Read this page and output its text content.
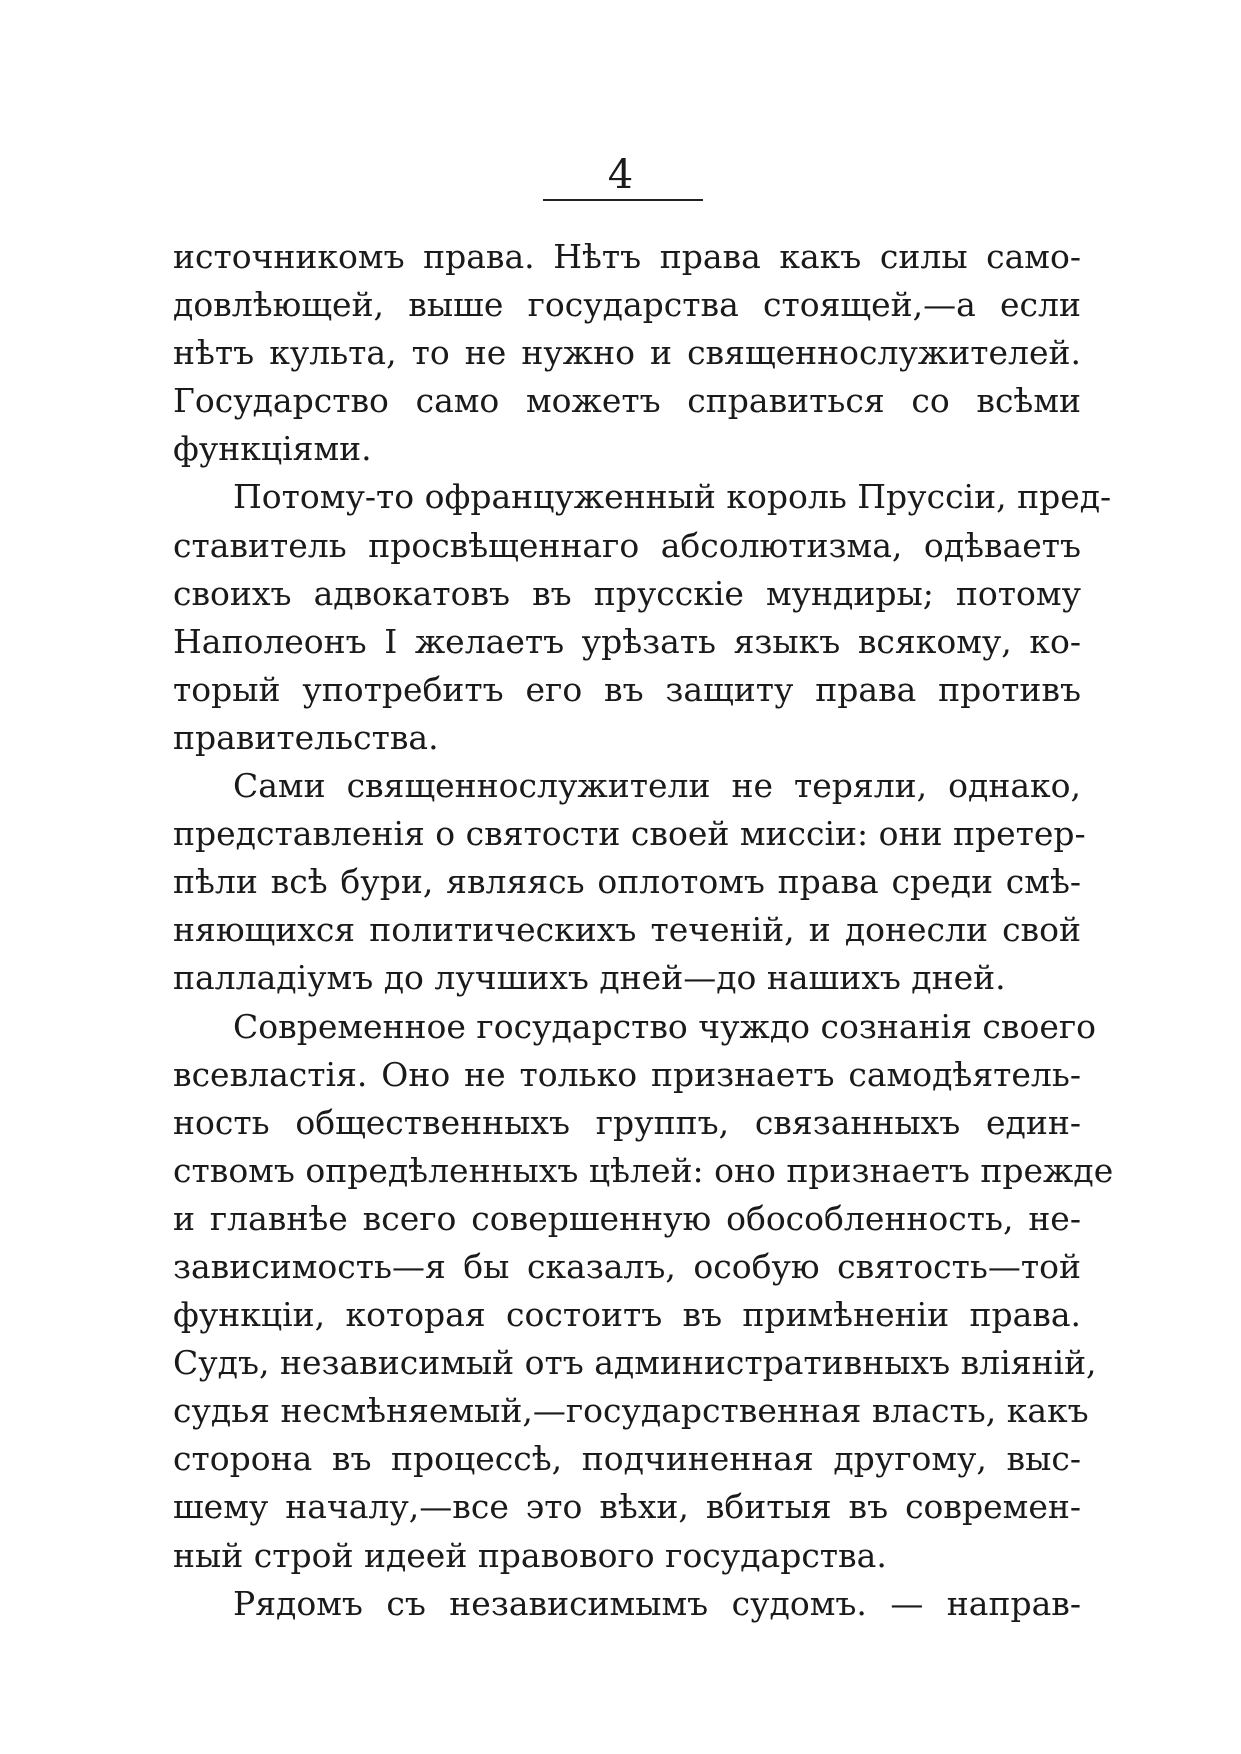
4
источникомъ права. Нѣтъ права какъ силы само-
довлѣющей, выше государства стоящей,—а если
нѣтъ культа, то не нужно и священнослужителей.
Государство само можетъ справиться со всѣми
функціями.
Потому-то офранцуженный король Пруссіи, пред-
ставитель просвѣщеннаго абсолютизма, одѣваетъ
своихъ адвокатовъ въ прусскіе мундиры; потому
Наполеонъ I желаетъ урѣзать языкъ всякому, ко-
торый употребитъ его въ защиту права противъ
правительства.
Сами священнослужители не теряли, однако,
представленія о святости своей миссіи: они претер-
пѣли всѣ бури, являясь оплотомъ права среди смѣ-
няющихся политическихъ теченій, и донесли свой
палладіумъ до лучшихъ дней—до нашихъ дней.
Современное государство чуждо сознанія своего
всевластія. Оно не только признаетъ самодѣятель-
ность общественныхъ группъ, связанныхъ един-
ствомъ опредѣленныхъ цѣлей: оно признаетъ прежде
и главнѣе всего совершенную обособленность, не-
зависимость—я бы сказалъ, особую святость—той
функціи, которая состоитъ въ примѣненіи права.
Судъ, независимый отъ административныхъ вліяній,
судья несмѣняемый,—государственная власть, какъ
сторона въ процессѣ, подчиненная другому, выс-
шему началу,—все это вѣхи, вбитыя въ современ-
ный строй идеей правового государства.
Рядомъ съ независимымъ судомъ. — направ-
